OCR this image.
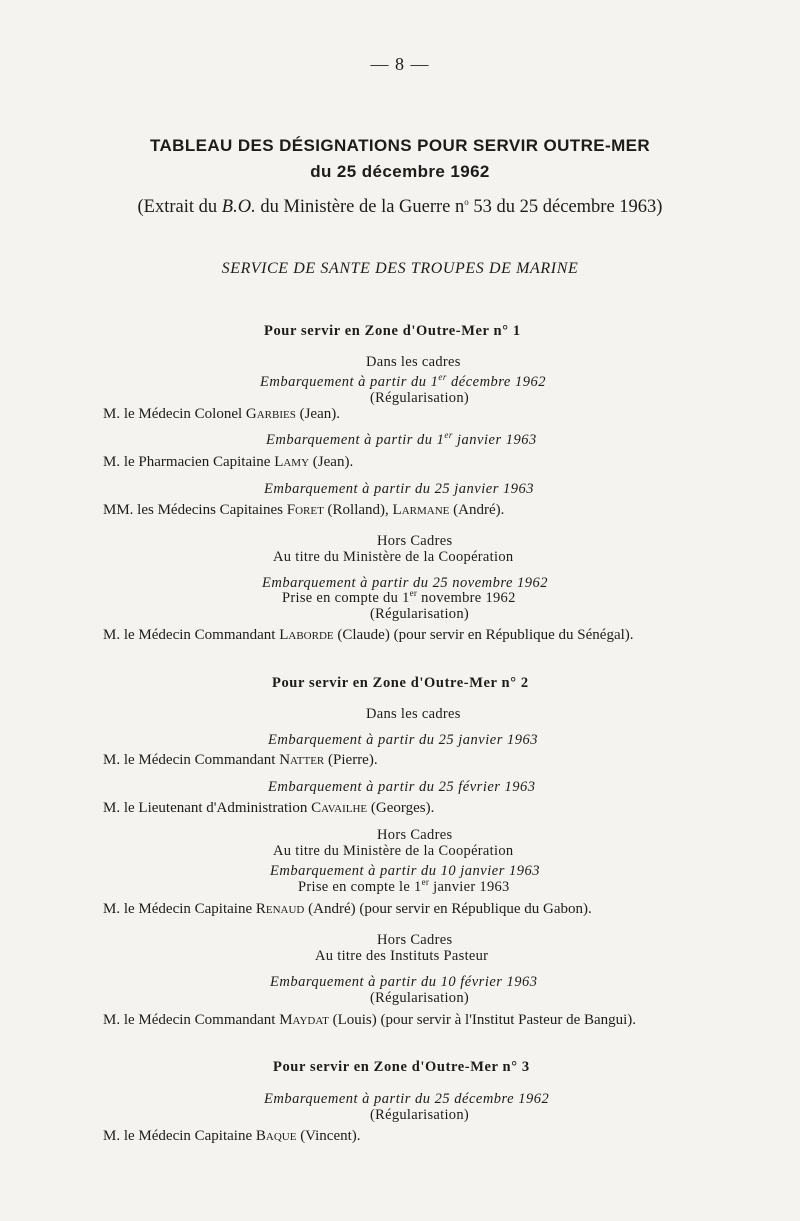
— 8 —
TABLEAU DES DÉSIGNATIONS POUR SERVIR OUTRE-MER
du 25 décembre 1962
(Extrait du B.O. du Ministère de la Guerre $n^o$ 53 du 25 décembre 1963)
SERVICE DE SANTE DES TROUPES DE MARINE
Pour servir en Zone d'Outre-Mer n° 1
Dans les cadres
Embarquement à partir du 1er décembre 1962
(Régularisation)
M. le Médecin Colonel Garbies (Jean).
Embarquement à partir du 1er janvier 1963
M. le Pharmacien Capitaine Lamy (Jean).
Embarquement à partir du 25 janvier 1963
MM. les Médecins Capitaines Foret (Rolland), Larmane (André).
Hors Cadres
Au titre du Ministère de la Coopération
Embarquement à partir du 25 novembre 1962
Prise en compte du 1er novembre 1962
(Régularisation)
M. le Médecin Commandant Laborde (Claude) (pour servir en République du Sénégal).
Pour servir en Zone d'Outre-Mer n° 2
Dans les cadres
Embarquement à partir du 25 janvier 1963
M. le Médecin Commandant Natter (Pierre).
Embarquement à partir du 25 février 1963
M. le Lieutenant d'Administration Cavailhe (Georges).
Hors Cadres
Au titre du Ministère de la Coopération
Embarquement à partir du 10 janvier 1963
Prise en compte le 1er janvier 1963
M. le Médecin Capitaine Renaud (André) (pour servir en République du Gabon).
Hors Cadres
Au titre des Instituts Pasteur
Embarquement à partir du 10 février 1963
(Régularisation)
M. le Médecin Commandant Maydat (Louis) (pour servir à l'Institut Pasteur de Bangui).
Pour servir en Zone d'Outre-Mer n° 3
Embarquement à partir du 25 décembre 1962
(Régularisation)
M. le Médecin Capitaine Baque (Vincent).
